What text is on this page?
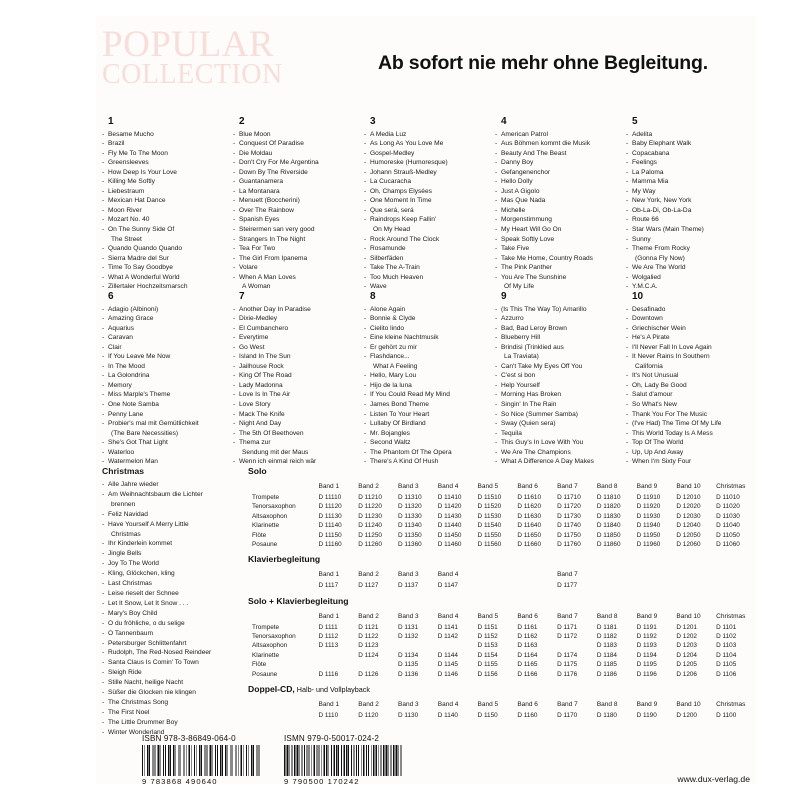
POPULAR
COLLECTION	Ab sofort nie mehr ohne Begleitung.
1
- Besame Mucho
- Brazil
- Fly Me To The Moon
- Greensleeves
- How Deep Is Your Love
- Killing Me Softly
- Liebestraum
- Mexican Hat Dance
- Moon River
- Mozart No. 40
- On The Sunny Side Of
The Street
- Quando Quando Quando
- Sierra Madre del Sur
- Time To Say Goodbye
- What A Wonderful World
- Zillertaler Hochzeitsmarsch
2
- Blue Moon
- Conquest Of Paradise
- Die Moldau
- Don't Cry For Me Argentina
- Down By The Riverside
- Guantanamera
- La Montanara
- Menuett (Boccherini)
- Over The Rainbow
- Spanish Eyes
- Steirermen san very good
- Strangers In The Night
- Tea For Two
- The Girl From Ipanema
- Volare
- When A Man Loves
A Woman
3
- A Media Luz
- As Long As You Love Me
- Gospel-Medley
- Humoreske (Humoresque)
- Johann Strauß-Medley
- La Cucaracha
- Oh, Champs Elysées
- One Moment In Time
- Que será, será
- Raindrops Keep Fallin'
On My Head
- Rock Around The Clock
- Rosamunde
- Silberfäden
- Take The A-Train
- Too Much Heaven
- Wave
4
- American Patrol
- Aus Böhmen kommt die Musik
- Beauty And The Beast
- Danny Boy
- Gefangenenchor
- Hello Dolly
- Just A Gigolo
- Mas Que Nada
- Michelle
- Morgenstimmung
- My Heart Will Go On
- Speak Softly Love
- Take Five
- Take Me Home, Country Roads
- The Pink Panther
- You Are The Sunshine
Of My Life
5
- Adelita
- Baby Elephant Walk
- Copacabana
- Feelings
- La Paloma
- Mamma Mia
- My Way
- New York, New York
- Ob-La-Di, Ob-La-Da
- Route 66
- Star Wars (Main Theme)
- Sunny
- Theme From Rocky
(Gonna Fly Now)
- We Are The World
- Wolgalied
- Y.M.C.A.
6
- Adagio (Albinoni)
- Amazing Grace
- Aquarius
- Caravan
- Clair
- If You Leave Me Now
- In The Mood
- La Golondrina
- Memory
- Miss Marple's Theme
- One Note Samba
- Penny Lane
- Probier's mal mit Gemütlichkeit
(The Bare Necessities)
- She's Got That Light
- Waterloo
- Watermelon Man
7
- Another Day In Paradise
- Dixie-Medley
- El Cumbanchero
- Everytime
- Go West
- Island In The Sun
- Jailhouse Rock
- King Of The Road
- Lady Madonna
- Love Is In The Air
- Love Story
- Mack The Knife
- Night And Day
- The 5th Of Beethoven
- Thema zur
Sendung mit der Maus
- Wenn ich einmal reich wär
8
- Alone Again
- Bonnie & Clyde
- Cielito lindo
- Eine kleine Nachtmusik
- Er gehört zu mir
- Flashdance...
What A Feeling
- Hello, Mary Lou
- Hijo de la luna
- If You Could Read My Mind
- James Bond Theme
- Listen To Your Heart
- Lullaby Of Birdland
- Mr. Bojangles
- Second Waltz
- The Phantom Of The Opera
- There's A Kind Of Hush
9
- (Is This The Way To) Amarillo
- Azzurro
- Bad, Bad Leroy Brown
- Blueberry Hill
- Brindisi (Trinklied aus
La Traviata)
- Can't Take My Eyes Off You
- C'est si bon
- Help Yourself
- Morning Has Broken
- Singin' In The Rain
- So Nice (Summer Samba)
- Sway (Quien sera)
- Tequila
- This Guy's In Love With You
- We Are The Champions
- What A Difference A Day Makes
10
- Desafinado
- Downtown
- Griechischer Wein
- He's A Pirate
- I'll Never Fall In Love Again
- It Never Rains In Southern
California
- It's Not Unusual
- Oh, Lady Be Good
- Salut d'amour
- So What's New
- Thank You For The Music
- (I've Had) The Time Of My Life
- This World Today Is A Mess
- Top Of The World
- Up, Up And Away
- When I'm Sixty Four
Christmas
- Alle Jahre wieder
- Am Weihnachtsbaum die Lichter
brennen
- Feliz Navidad
- Have Yourself A Merry Little
Christmas
- Ihr Kinderlein kommet
- Jingle Bells
- Joy To The World
- Kling, Glöckchen, kling
- Last Christmas
- Leise rieselt der Schnee
- Let It Snow, Let It Snow . . .
- Mary's Boy Child
- O du fröhliche, o du selige
- O Tannenbaum
- Petersburger Schlittenfahrt
- Rudolph, The Red-Nosed Reindeer
- Santa Claus Is Comin' To Town
- Sleigh Ride
- Stille Nacht, heilige Nacht
- Süßer die Glocken nie klingen
- The Christmas Song
- The First Noel
- The Little Drummer Boy
- Winter Wonderland
Solo
	Band 1	Band 2	Band 3	Band 4	Band 5	Band 6	Band 7	Band 8	Band 9	Band 10	Christmas
Trompete	D 11110	D 11210	D 11310	D 11410	D 11510	D 11610	D 11710	D 11810	D 11910	D 12010	D 11010
Tenorsaxophon	D 11120	D 11220	D 11320	D 11420	D 11520	D 11620	D 11720	D 11820	D 11920	D 12020	D 11020
Altsaxophon	D 11130	D 11230	D 11330	D 11430	D 11530	D 11630	D 11730	D 11830	D 11930	D 12030	D 11030
Klarinette	D 11140	D 11240	D 11340	D 11440	D 11540	D 11640	D 11740	D 11840	D 11940	D 12040	D 11040
Flöte	D 11150	D 11250	D 11350	D 11450	D 11550	D 11650	D 11750	D 11850	D 11950	D 12050	D 11050
Posaune	D 11160	D 11260	D 11360	D 11460	D 11560	D 11660	D 11760	D 11860	D 11960	D 12060	D 11060
Klavierbegleitung
	Band 1	Band 2	Band 3	Band 4			Band 7				
	D 1117	D 1127	D 1137	D 1147			D 1177				
Solo + Klavierbegleitung
	Band 1	Band 2	Band 3	Band 4	Band 5	Band 6	Band 7	Band 8	Band 9	Band 10	Christmas
Trompete	D 1111	D 1121	D 1131	D 1141	D 1151	D 1161	D 1171	D 1181	D 1191	D 1201	D 1101
Tenorsaxophon	D 1112	D 1122	D 1132	D 1142	D 1152	D 1162	D 1172	D 1182	D 1192	D 1202	D 1102
Altsaxophon	D 1113	D 1123			D 1153	D 1163		D 1183	D 1193	D 1203	D 1103
Klarinette		D 1124	D 1134	D 1144	D 1154	D 1164	D 1174	D 1184	D 1194	D 1204	D 1104
Flöte			D 1135	D 1145	D 1155	D 1165	D 1175	D 1185	D 1195	D 1205	D 1105
Posaune	D 1116	D 1126	D 1136	D 1146	D 1156	D 1166	D 1176	D 1186	D 1196	D 1206	D 1106
Doppel-CD, Halb- und Vollplayback
	Band 1	Band 2	Band 3	Band 4	Band 5	Band 6	Band 7	Band 8	Band 9	Band 10	Christmas
	D 1110	D 1120	D 1130	D 1140	D 1150	D 1160	D 1170	D 1180	D 1190	D 1200	D 1100
ISBN 978-3-86849-064-0
9 783868 490640
ISMN 979-0-50017-024-2
9 790500 170242	www.dux-verlag.de
